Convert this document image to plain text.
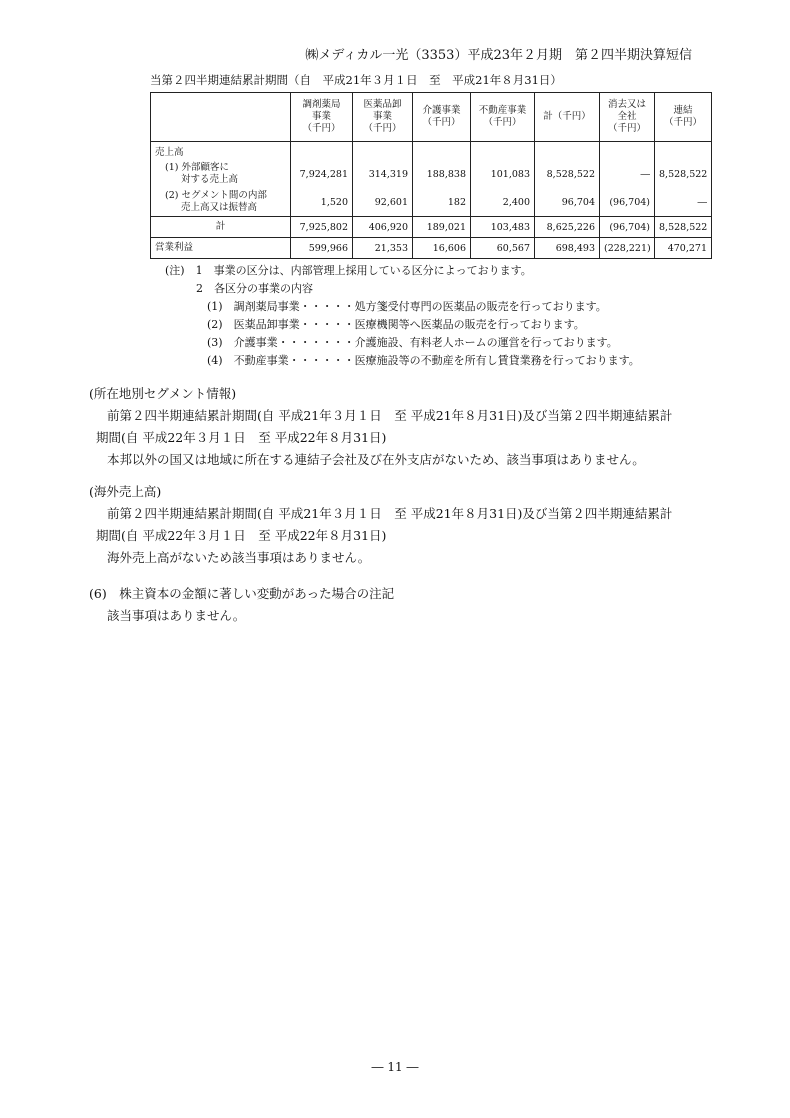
㈱メディカル一光（3353）平成23年２月期　第２四半期決算短信
当第２四半期連結累計期間（自　平成21年３月１日　至　平成21年８月31日）
	調剤薬局
事業
（千円）	医薬品卸
事業
（千円）	介護事業
（千円）	不動産事業
（千円）	計（千円）	消去又は
全社
（千円）	連結
（千円）
売上高							
(1) 外部顧客に
対する売上高	7,924,281	314,319	188,838	101,083	8,528,522	―	8,528,522
(2) セグメント間の内部
売上高又は振替高	1,520	92,601	182	2,400	96,704	(96,704)	―
計	7,925,802	406,920	189,021	103,483	8,625,226	(96,704)	8,528,522
営業利益	599,966	21,353	16,606	60,567	698,493	(228,221)	470,271
(注)　1　事業の区分は、内部管理上採用している区分によっております。
2　各区分の事業の内容
(1)　調剤薬局事業・・・・・処方箋受付専門の医薬品の販売を行っております。
(2)　医薬品卸事業・・・・・医療機関等へ医薬品の販売を行っております。
(3)　介護事業・・・・・・・介護施設、有料老人ホームの運営を行っております。
(4)　不動産事業・・・・・・医療施設等の不動産を所有し賃貸業務を行っております。
(所在地別セグメント情報)
前第２四半期連結累計期間(自 平成21年３月１日　至 平成21年８月31日)及び当第２四半期連結累計
期間(自 平成22年３月１日　至 平成22年８月31日)
本邦以外の国又は地域に所在する連結子会社及び在外支店がないため、該当事項はありません。
(海外売上高)
前第２四半期連結累計期間(自 平成21年３月１日　至 平成21年８月31日)及び当第２四半期連結累計
期間(自 平成22年３月１日　至 平成22年８月31日)
海外売上高がないため該当事項はありません。
(6)　株主資本の金額に著しい変動があった場合の注記
該当事項はありません。
― 11 ―
